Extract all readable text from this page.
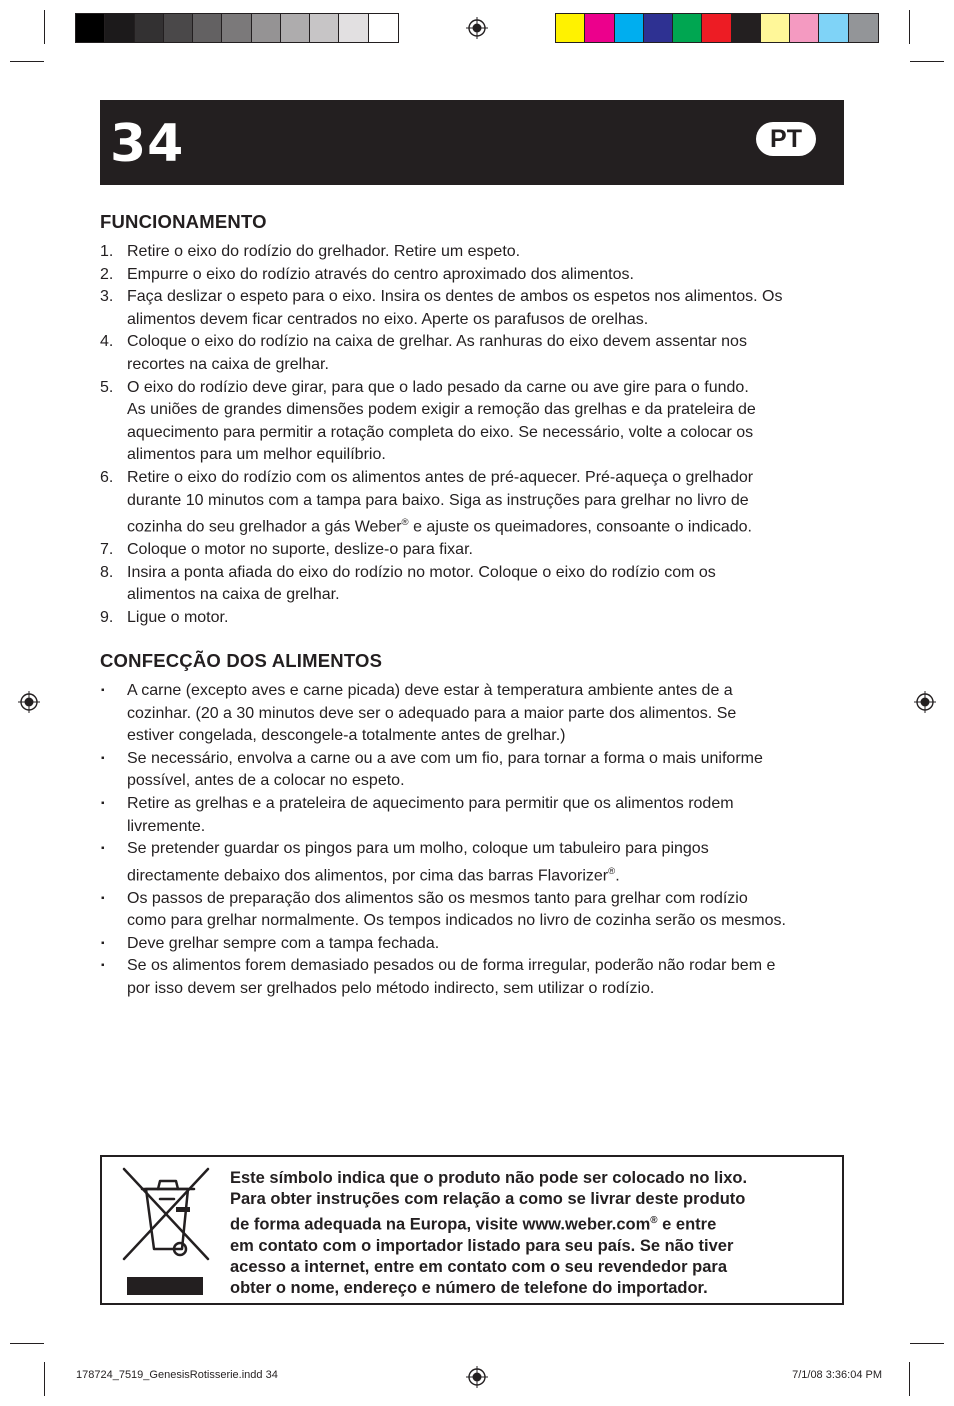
34	PT
FUNCIONAMENTO
1. Retire o eixo do rodízio do grelhador. Retire um espeto.
2. Empurre o eixo do rodízio através do centro aproximado dos alimentos.
3. Faça deslizar o espeto para o eixo. Insira os dentes de ambos os espetos nos alimentos. Os
alimentos devem ficar centrados no eixo. Aperte os parafusos de orelhas.
4. Coloque o eixo do rodízio na caixa de grelhar. As ranhuras do eixo devem assentar nos
recortes na caixa de grelhar.
5. O eixo do rodízio deve girar, para que o lado pesado da carne ou ave gire para o fundo.
As uniões de grandes dimensões podem exigir a remoção das grelhas e da prateleira de
aquecimento para permitir a rotação completa do eixo. Se necessário, volte a colocar os
alimentos para um melhor equilíbrio.
6. Retire o eixo do rodízio com os alimentos antes de pré-aquecer. Pré-aqueça o grelhador
durante 10 minutos com a tampa para baixo. Siga as instruções para grelhar no livro de
cozinha do seu grelhador a gás Weber® e ajuste os queimadores, consoante o indicado.
7. Coloque o motor no suporte, deslize-o para fixar.
8. Insira a ponta afiada do eixo do rodízio no motor. Coloque o eixo do rodízio com os
alimentos na caixa de grelhar.
9. Ligue o motor.
CONFECÇÃO DOS ALIMENTOS
▪ A carne (excepto aves e carne picada) deve estar à temperatura ambiente antes de a
cozinhar. (20 a 30 minutos deve ser o adequado para a maior parte dos alimentos. Se
estiver congelada, descongele-a totalmente antes de grelhar.)
▪ Se necessário, envolva a carne ou a ave com um fio, para tornar a forma o mais uniforme
possível, antes de a colocar no espeto.
▪ Retire as grelhas e a prateleira de aquecimento para permitir que os alimentos rodem
livremente.
▪ Se pretender guardar os pingos para um molho, coloque um tabuleiro para pingos
directamente debaixo dos alimentos, por cima das barras Flavorizer®.
▪ Os passos de preparação dos alimentos são os mesmos tanto para grelhar com rodízio
como para grelhar normalmente. Os tempos indicados no livro de cozinha serão os mesmos.
▪ Deve grelhar sempre com a tampa fechada.
▪ Se os alimentos forem demasiado pesados ou de forma irregular, poderão não rodar bem e
por isso devem ser grelhados pelo método indirecto, sem utilizar o rodízio.
Este símbolo indica que o produto não pode ser colocado no lixo.
Para obter instruções com relação a como se livrar deste produto
de forma adequada na Europa, visite www.weber.com® e entre
em contato com o importador listado para seu país. Se não tiver
acesso a internet, entre em contato com o seu revendedor para
obter o nome, endereço e número de telefone do importador.
178724_7519_GenesisRotisserie.indd 34	7/1/08 3:36:04 PM
